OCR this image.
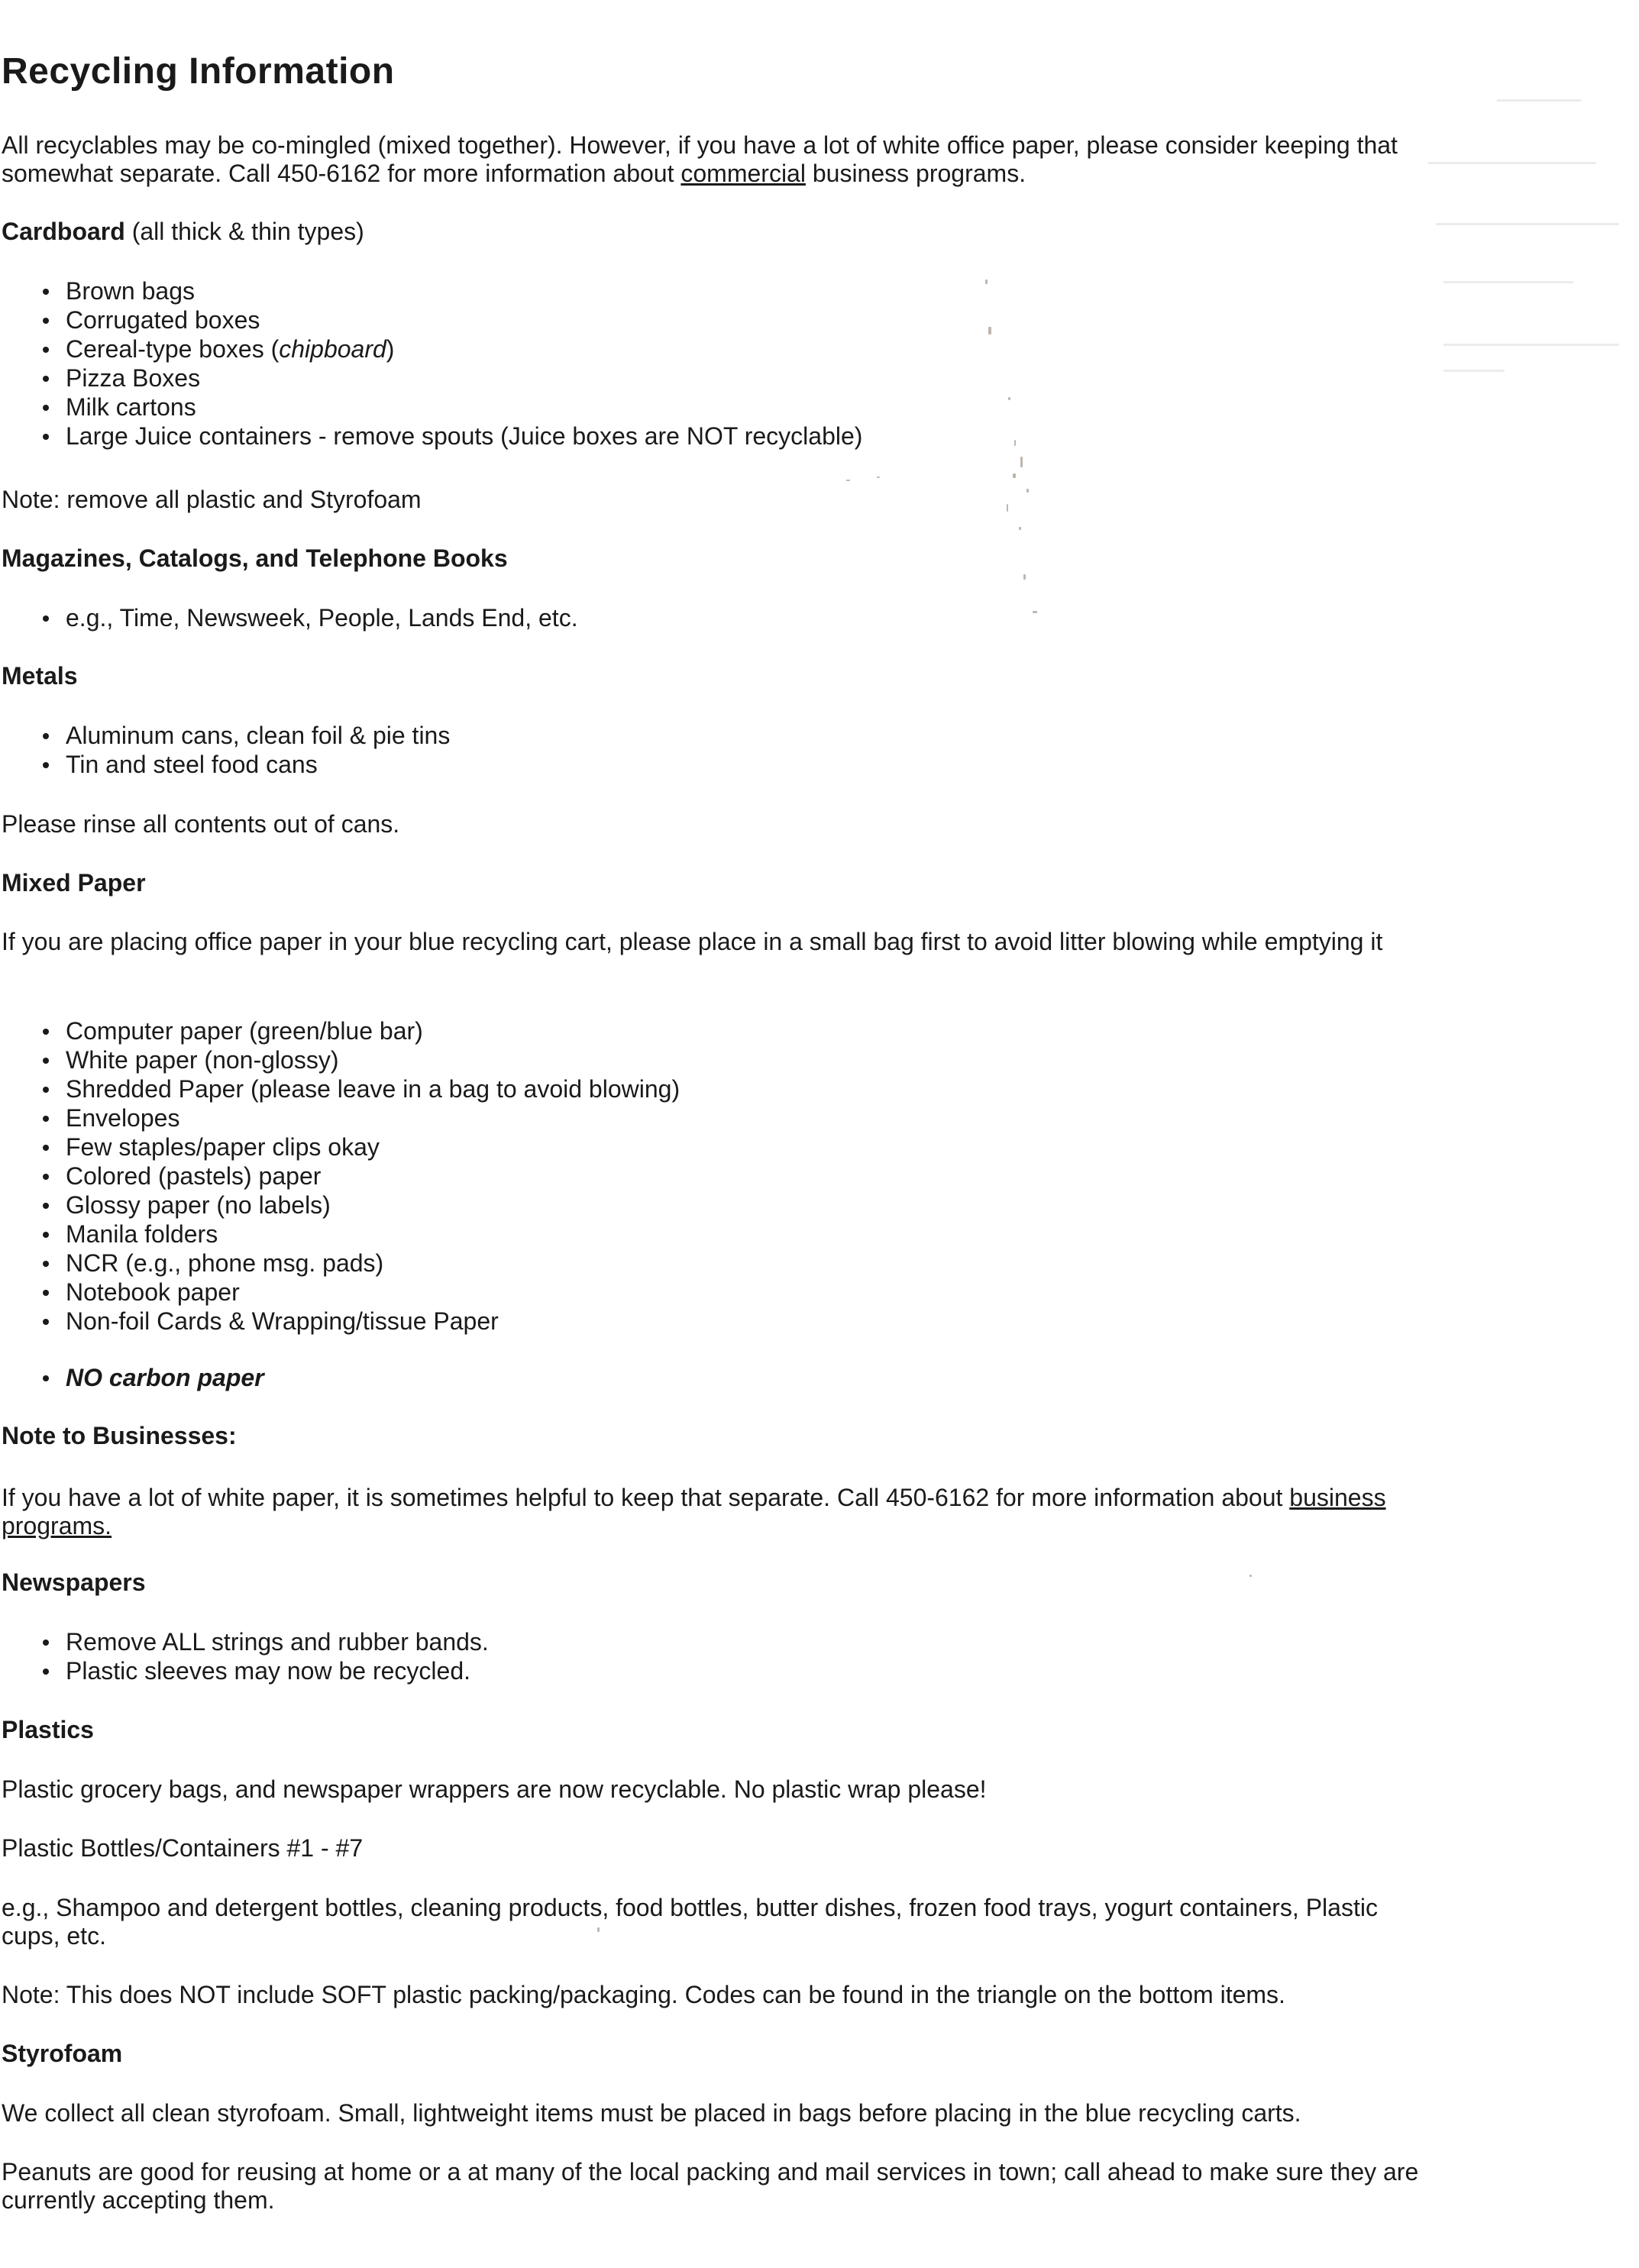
Recycling Information

All recyclables may be co-mingled (mixed together). However, if you have a lot of white office paper, please consider keeping that somewhat separate. Call 450-6162 for more information about commercial business programs.

Cardboard (all thick & thin types)

Brown bags
Corrugated boxes
Cereal-type boxes (chipboard)
Pizza Boxes
Milk cartons
Large Juice containers - remove spouts (Juice boxes are NOT recyclable)

Note: remove all plastic and Styrofoam

Magazines, Catalogs, and Telephone Books

e.g., Time, Newsweek, People, Lands End, etc.

Metals

Aluminum cans, clean foil & pie tins
Tin and steel food cans

Please rinse all contents out of cans.

Mixed Paper

If you are placing office paper in your blue recycling cart, please place in a small bag first to avoid litter blowing while emptying it

Computer paper (green/blue bar)
White paper (non-glossy)
Shredded Paper (please leave in a bag to avoid blowing)
Envelopes
Few staples/paper clips okay
Colored (pastels) paper
Glossy paper (no labels)
Manila folders
NCR (e.g., phone msg. pads)
Notebook paper
Non-foil Cards & Wrapping/tissue Paper
NO carbon paper

Note to Businesses:

If you have a lot of white paper, it is sometimes helpful to keep that separate. Call 450-6162 for more information about business programs.

Newspapers

Remove ALL strings and rubber bands.
Plastic sleeves may now be recycled.

Plastics

Plastic grocery bags, and newspaper wrappers are now recyclable. No plastic wrap please!

Plastic Bottles/Containers #1 - #7

e.g., Shampoo and detergent bottles, cleaning products, food bottles, butter dishes, frozen food trays, yogurt containers, Plastic cups, etc.

Note: This does NOT include SOFT plastic packing/packaging. Codes can be found in the triangle on the bottom items.

Styrofoam

We collect all clean styrofoam. Small, lightweight items must be placed in bags before placing in the blue recycling carts.

Peanuts are good for reusing at home or a at many of the local packing and mail services in town; call ahead to make sure they are currently accepting them.
